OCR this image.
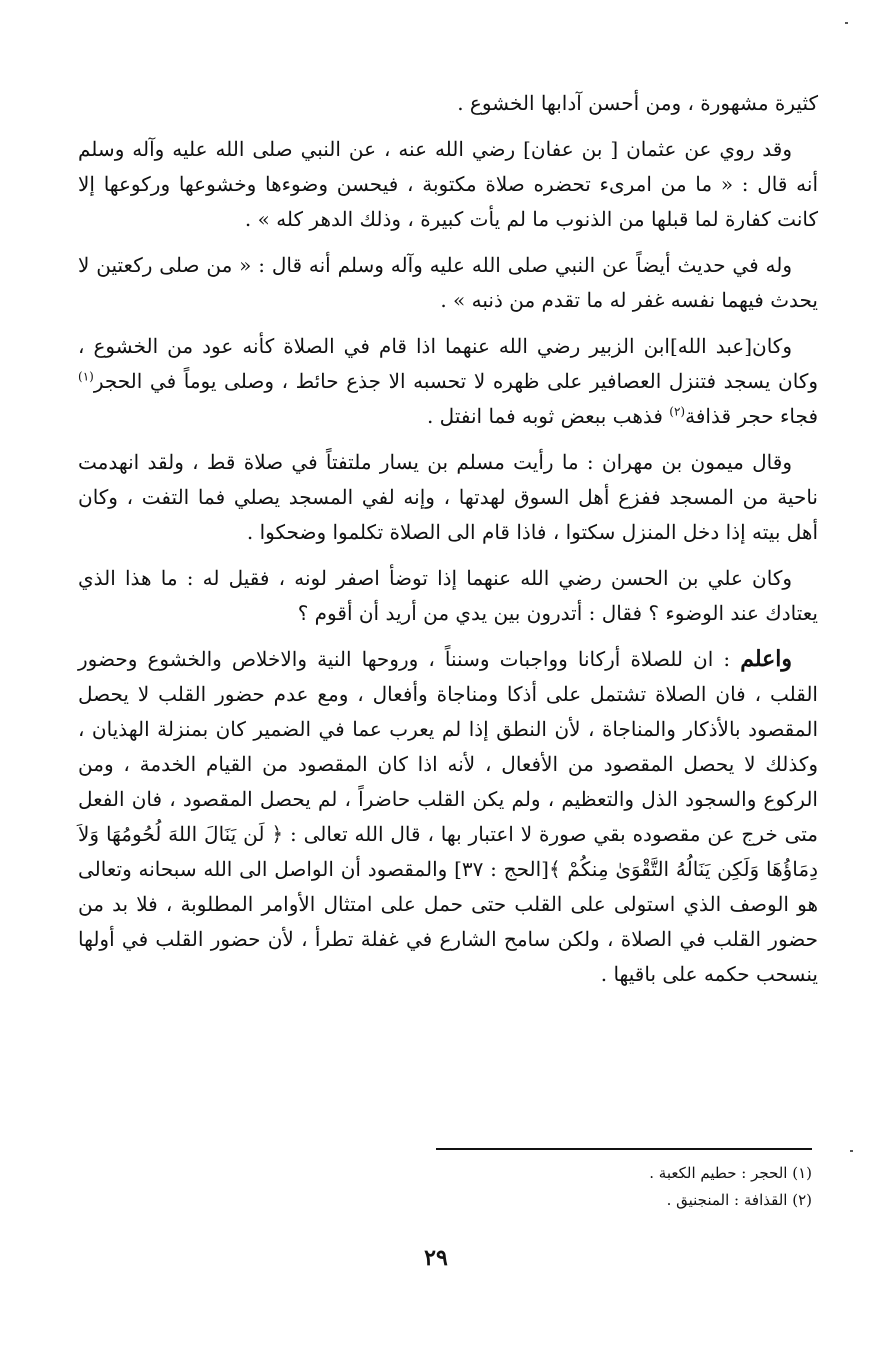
كثيرة مشهورة ، ومن أحسن آدابها الخشوع .

وقد روي عن عثمان [ بن عفان] رضي الله عنه ، عن النبي صلى الله عليه وآله وسلم أنه قال : « ما من امرىء تحضره صلاة مكتوبة ، فيحسن وضوءها وخشوعها وركوعها إلا كانت كفارة لما قبلها من الذنوب ما لم يأت كبيرة ، وذلك الدهر كله » .

وله في حديث أيضاً عن النبي صلى الله عليه وآله وسلم أنه قال : « من صلى ركعتين لا يحدث فيهما نفسه غفر له ما تقدم من ذنبه » .

وكان[عبد الله]ابن الزبير رضي الله عنهما اذا قام في الصلاة كأنه عود من الخشوع ، وكان يسجد فتنزل العصافير على ظهره لا تحسبه الا جذع حائط ، وصلى يوماً في الحجر$^{(١)}$ فجاء حجر قذافة$^{(٢)}$ فذهب ببعض ثوبه فما انفتل .

وقال ميمون بن مهران : ما رأيت مسلم بن يسار ملتفتاً في صلاة قط ، ولقد انهدمت ناحية من المسجد ففزع أهل السوق لهدتها ، وإنه لفي المسجد يصلي فما التفت ، وكان أهل بيته إذا دخل المنزل سكتوا ، فاذا قام الى الصلاة تكلموا وضحكوا .

وكان علي بن الحسن رضي الله عنهما إذا توضأ اصفر لونه ، فقيل له : ما هذا الذي يعتادك عند الوضوء ؟ فقال : أتدرون بين يدي من أريد أن أقوم ؟

واعلم : ان للصلاة أركانا وواجبات وسنناً ، وروحها النية والاخلاص والخشوع وحضور القلب ، فان الصلاة تشتمل على أذكا ومناجاة وأفعال ، ومع عدم حضور القلب لا يحصل المقصود بالأذكار والمناجاة ، لأن النطق إذا لم يعرب عما في الضمير كان بمنزلة الهذيان ، وكذلك لا يحصل المقصود من الأفعال ، لأنه اذا كان المقصود من القيام الخدمة ، ومن الركوع والسجود الذل والتعظيم ، ولم يكن القلب حاضراً ، لم يحصل المقصود ، فان الفعل متى خرج عن مقصوده بقي صورة لا اعتبار بها ، قال الله تعالى : ﴿ لَن يَنَالَ اللهَ لُحُومُهَا وَلاَ دِمَاؤُهَا وَلَكِن يَنَالُهُ التَّقْوَىٰ مِنكُمْ ﴾[الحج : ٣٧] والمقصود أن الواصل الى الله سبحانه وتعالى هو الوصف الذي استولى على القلب حتى حمل على امتثال الأوامر المطلوبة ، فلا بد من حضور القلب في الصلاة ، ولكن سامح الشارع في غفلة تطرأ ، لأن حضور القلب في أولها ينسحب حكمه على باقيها .

(١) الحجر : حطيم الكعبة .

(٢) القذافة : المنجنيق .

٢٩
